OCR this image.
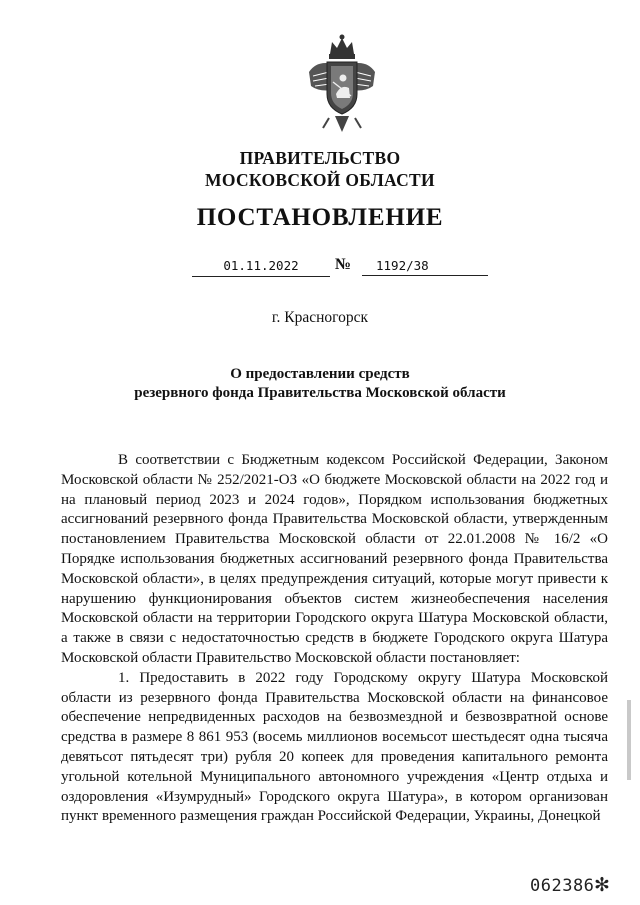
ПРАВИТЕЛЬСТВО
МОСКОВСКОЙ ОБЛАСТИ
ПОСТАНОВЛЕНИЕ
01.11.2022	№	1192/38
г. Красногорск
О предоставлении средств
резервного фонда Правительства Московской области

В соответствии с Бюджетным кодексом Российской Федерации, Законом Московской области № 252/2021-ОЗ «О бюджете Московской области на 2022 год и на плановый период 2023 и 2024 годов», Порядком использования бюджетных ассигнований резервного фонда Правительства Московской области, утвержденным постановлением Правительства Московской области от 22.01.2008 № 16/2 «О Порядке использования бюджетных ассигнований резервного фонда Правительства Московской области», в целях предупреждения ситуаций, которые могут привести к нарушению функционирования объектов систем жизнеобеспечения населения Московской области на территории Городского округа Шатура Московской области, а также в связи с недостаточностью средств в бюджете Городского округа Шатура Московской области Правительство Московской области постановляет:

1. Предоставить в 2022 году Городскому округу Шатура Московской области из резервного фонда Правительства Московской области на финансовое обеспечение непредвиденных расходов на безвозмездной и безвозвратной основе средства в размере 8 861 953 (восемь миллионов восемьсот шестьдесят одна тысяча девятьсот пятьдесят три) рубля 20 копеек для проведения капитального ремонта угольной котельной Муниципального автономного учреждения «Центр отдыха и оздоровления «Изумрудный» Городского округа Шатура», в котором организован пункт временного размещения граждан Российской Федерации, Украины, Донецкой

062386 ✻
